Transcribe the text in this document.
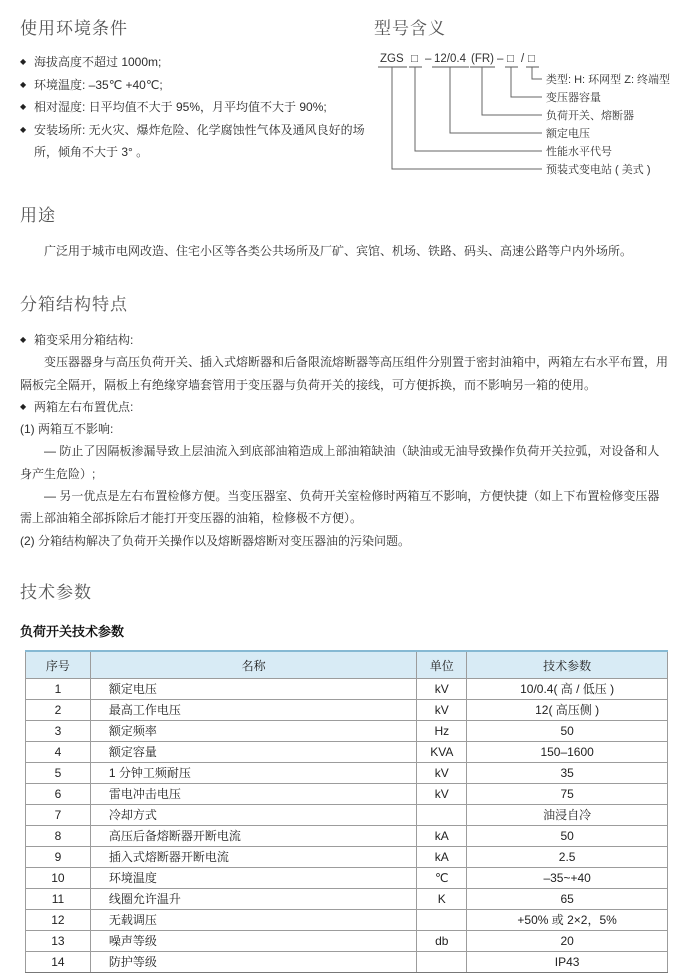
使用环境条件
◆ 海拔高度不超过 1000m;
◆ 环境温度: –35℃ +40℃;
◆ 相对湿度: 日平均值不大于 95%，月平均值不大于 90%;
◆ 安装场所: 无火灾、爆炸危险、化学腐蚀性气体及通风良好的场所，倾角不大于 3° 。
型号含义
ZGS □ – 12/0.4 (FR) – □ / □
类型: H: 环网型 Z: 终端型
变压器容量
负荷开关、熔断器
额定电压
性能水平代号
预装式变电站 ( 美式 )
用途
广泛用于城市电网改造、住宅小区等各类公共场所及厂矿、宾馆、机场、铁路、码头、高速公路等户内外场所。
分箱结构特点
◆ 箱变采用分箱结构:
变压器器身与高压负荷开关、插入式熔断器和后备限流熔断器等高压组件分别置于密封油箱中，两箱左右水平布置，用隔板完全隔开，隔板上有绝缘穿墙套管用于变压器与负荷开关的接线，可方便拆换，而不影响另一箱的使用。
◆ 两箱左右布置优点:
(1) 两箱互不影响:
— 防止了因隔板渗漏导致上层油流入到底部油箱造成上部油箱缺油（缺油或无油导致操作负荷开关拉弧，对设备和人身产生危险）;
— 另一优点是左右布置检修方便。当变压器室、负荷开关室检修时两箱互不影响，方便快捷（如上下布置检修变压器需上部油箱全部拆除后才能打开变压器的油箱，检修极不方便）。
(2) 分箱结构解决了负荷开关操作以及熔断器熔断对变压器油的污染问题。
技术参数
负荷开关技术参数
序号	名称	单位	技术参数
1	额定电压	kV	10/0.4( 高 / 低压 )
2	最高工作电压	kV	12( 高压侧 )
3	额定频率	Hz	50
4	额定容量	KVA	150–1600
5	1 分钟工频耐压	kV	35
6	雷电冲击电压	kV	75
7	冷却方式		油浸自冷
8	高压后备熔断器开断电流	kA	50
9	插入式熔断器开断电流	kA	2.5
10	环境温度	℃	–35~+40
11	线圈允许温升	K	65
12	无载调压		+50% 或 2×2，5%
13	噪声等级	db	20
14	防护等级		IP43
